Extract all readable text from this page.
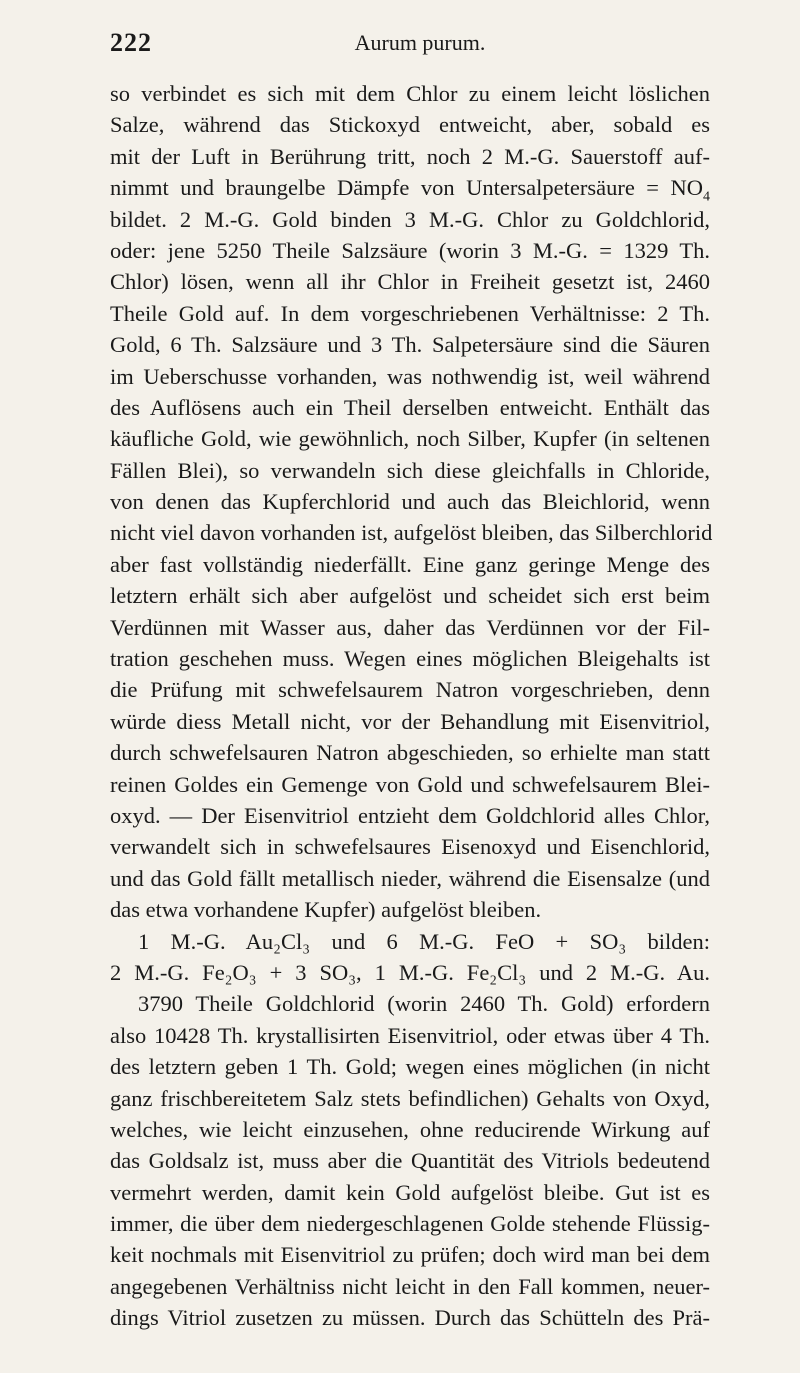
222	Aurum purum.
so verbindet es sich mit dem Chlor zu einem leicht löslichen
Salze, während das Stickoxyd entweicht, aber, sobald es
mit der Luft in Berührung tritt, noch 2 M.-G. Sauerstoff auf-
nimmt und braungelbe Dämpfe von Untersalpetersäure = $NO_4$
bildet. 2 M.-G. Gold binden 3 M.-G. Chlor zu Goldchlorid,
oder: jene 5250 Theile Salzsäure (worin 3 M.-G. = 1329 Th.
Chlor) lösen, wenn all ihr Chlor in Freiheit gesetzt ist, 2460
Theile Gold auf. In dem vorgeschriebenen Verhältnisse: 2 Th.
Gold, 6 Th. Salzsäure und 3 Th. Salpetersäure sind die Säuren
im Ueberschusse vorhanden, was nothwendig ist, weil während
des Auflösens auch ein Theil derselben entweicht. Enthält das
käufliche Gold, wie gewöhnlich, noch Silber, Kupfer (in seltenen
Fällen Blei), so verwandeln sich diese gleichfalls in Chloride,
von denen das Kupferchlorid und auch das Bleichlorid, wenn
nicht viel davon vorhanden ist, aufgelöst bleiben, das Silberchlorid
aber fast vollständig niederfällt. Eine ganz geringe Menge des
letztern erhält sich aber aufgelöst und scheidet sich erst beim
Verdünnen mit Wasser aus, daher das Verdünnen vor der Fil-
tration geschehen muss. Wegen eines möglichen Bleigehalts ist
die Prüfung mit schwefelsaurem Natron vorgeschrieben, denn
würde diess Metall nicht, vor der Behandlung mit Eisenvitriol,
durch schwefelsauren Natron abgeschieden, so erhielte man statt
reinen Goldes ein Gemenge von Gold und schwefelsaurem Blei-
oxyd. — Der Eisenvitriol entzieht dem Goldchlorid alles Chlor,
verwandelt sich in schwefelsaures Eisenoxyd und Eisenchlorid,
und das Gold fällt metallisch nieder, während die Eisensalze (und
das etwa vorhandene Kupfer) aufgelöst bleiben.
1 M.-G. Au₂Cl₃ und 6 M.-G. FeO + SO₃ bilden:
2 M.-G. Fe₂O₃ + 3 SO₃, 1 M.-G. Fe₂Cl₃ und 2 M.-G. Au.
3790 Theile Goldchlorid (worin 2460 Th. Gold) erfordern
also 10428 Th. krystallisirten Eisenvitriol, oder etwas über 4 Th.
des letztern geben 1 Th. Gold; wegen eines möglichen (in nicht
ganz frischbereitetem Salz stets befindlichen) Gehalts von Oxyd,
welches, wie leicht einzusehen, ohne reducirende Wirkung auf
das Goldsalz ist, muss aber die Quantität des Vitriols bedeutend
vermehrt werden, damit kein Gold aufgelöst bleibe. Gut ist es
immer, die über dem niedergeschlagenen Golde stehende Flüssig-
keit nochmals mit Eisenvitriol zu prüfen; doch wird man bei dem
angegebenen Verhältniss nicht leicht in den Fall kommen, neuer-
dings Vitriol zusetzen zu müssen. Durch das Schütteln des Prä-
